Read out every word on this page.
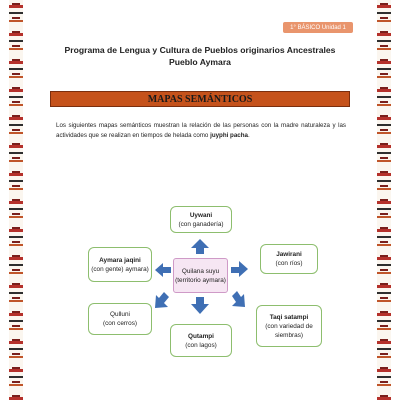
1° BÁSICO Unidad 1
Programa de Lengua y Cultura de Pueblos originarios Ancestrales
Pueblo Aymara
MAPAS SEMÁNTICOS
Los siguientes mapas semánticos muestran la relación de las personas con la madre naturaleza y las actividades que se realizan en tiempos de helada como juyphi pacha.
Uywani
(con ganadería)
Aymara jaqini
(con gente) aymara)
Jawirani
(con ríos)
Quilana suyu
(territorio aymara)
Qulluni
(con cerros)
Qutampi
(con lagos)
Taqi satampi
(con variedad de siembras)
